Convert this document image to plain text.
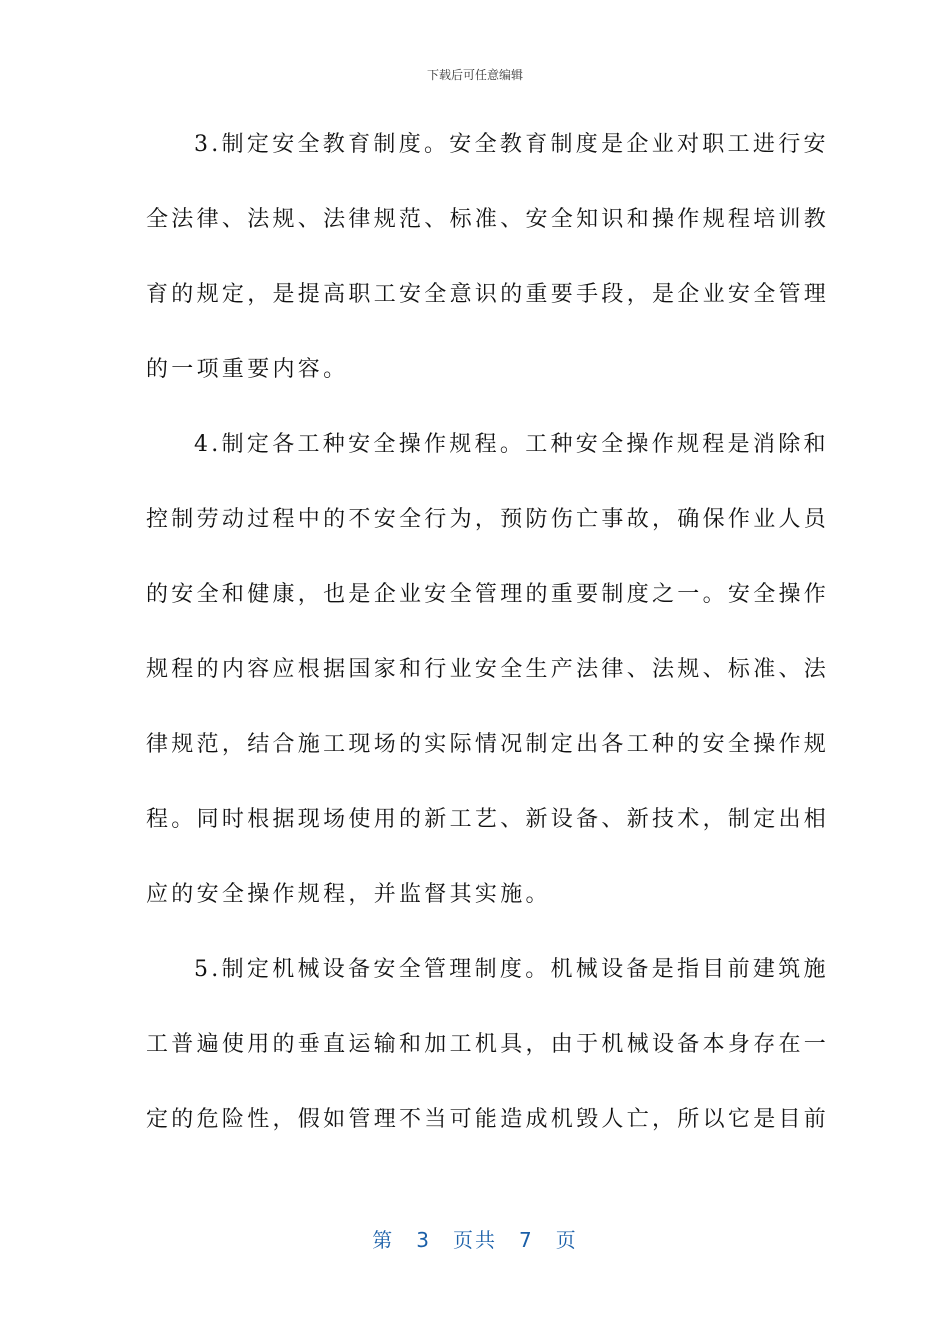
下载后可任意编辑
3.制定安全教育制度。安全教育制度是企业对职工进行安
全法律、法规、法律规范、标准、安全知识和操作规程培训教
育的规定，是提高职工安全意识的重要手段，是企业安全管理
的一项重要内容。
4.制定各工种安全操作规程。工种安全操作规程是消除和
控制劳动过程中的不安全行为，预防伤亡事故，确保作业人员
的安全和健康，也是企业安全管理的重要制度之一。安全操作
规程的内容应根据国家和行业安全生产法律、法规、标准、法
律规范，结合施工现场的实际情况制定出各工种的安全操作规
程。同时根据现场使用的新工艺、新设备、新技术，制定出相
应的安全操作规程，并监督其实施。
5.制定机械设备安全管理制度。机械设备是指目前建筑施
工普遍使用的垂直运输和加工机具，由于机械设备本身存在一
定的危险性，假如管理不当可能造成机毁人亡，所以它是目前
第 3 页共 7 页
